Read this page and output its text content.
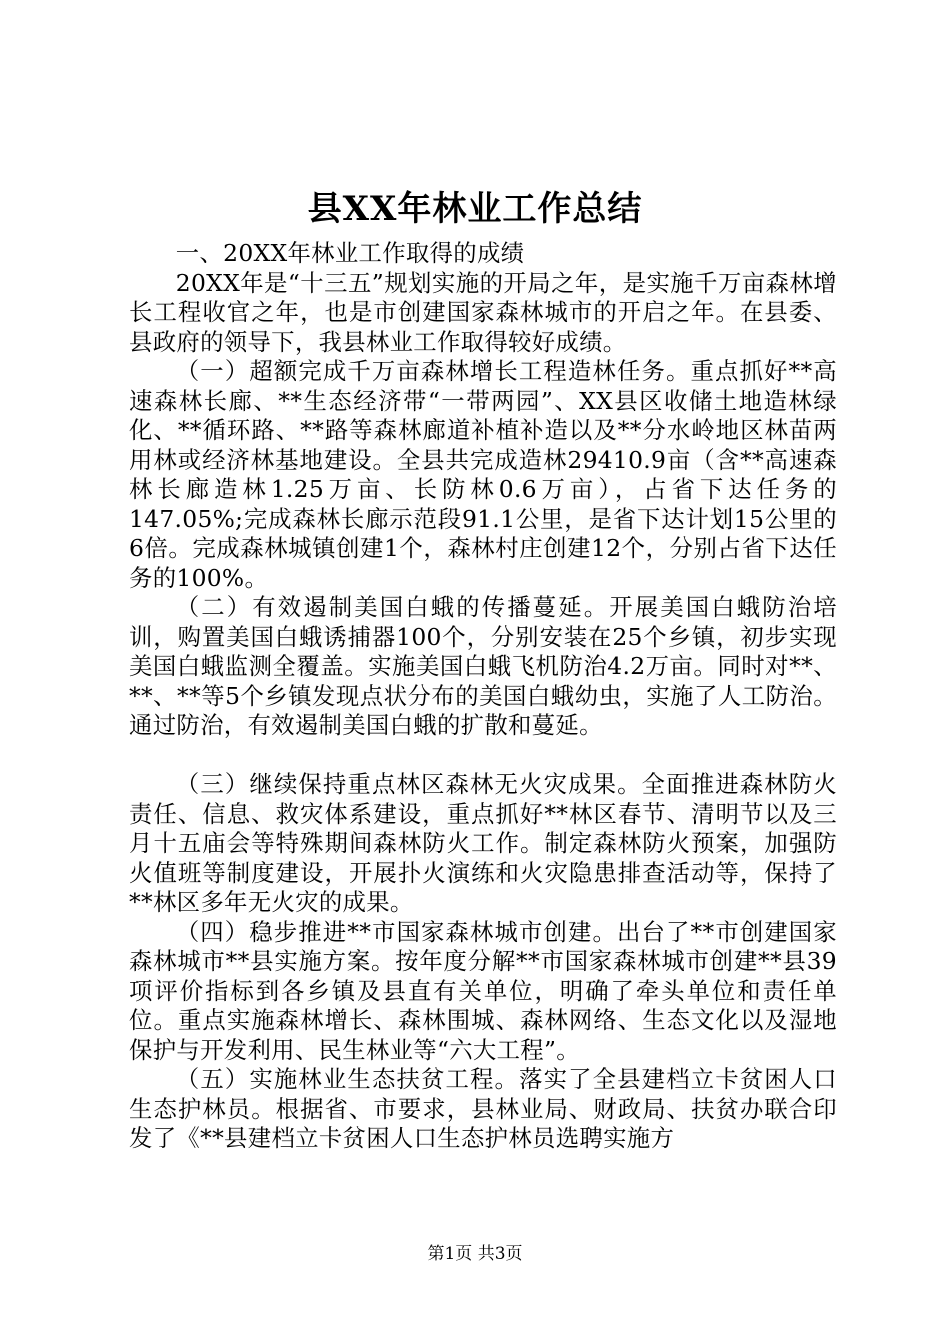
县XX年林业工作总结

一、20XX年林业工作取得的成绩

20XX年是“十三五”规划实施的开局之年，是实施千万亩森林增长工程收官之年，也是市创建国家森林城市的开启之年。在县委、县政府的领导下，我县林业工作取得较好成绩。

（一）超额完成千万亩森林增长工程造林任务。重点抓好**高速森林长廊、**生态经济带“一带两园”、XX县区收储土地造林绿化、**循环路、**路等森林廊道补植补造以及**分水岭地区林苗两用林或经济林基地建设。全县共完成造林29410.9亩（含**高速森林长廊造林1.25万亩、长防林0.6万亩），占省下达任务的147.05%;完成森林长廊示范段91.1公里，是省下达计划15公里的6倍。完成森林城镇创建1个，森林村庄创建12个，分别占省下达任务的100%。

（二）有效遏制美国白蛾的传播蔓延。开展美国白蛾防治培训，购置美国白蛾诱捕器100个，分别安装在25个乡镇，初步实现美国白蛾监测全覆盖。实施美国白蛾飞机防治4.2万亩。同时对**、**、**等5个乡镇发现点状分布的美国白蛾幼虫，实施了人工防治。通过防治，有效遏制美国白蛾的扩散和蔓延。

（三）继续保持重点林区森林无火灾成果。全面推进森林防火责任、信息、救灾体系建设，重点抓好**林区春节、清明节以及三月十五庙会等特殊期间森林防火工作。制定森林防火预案，加强防火值班等制度建设，开展扑火演练和火灾隐患排查活动等，保持了**林区多年无火灾的成果。

（四）稳步推进**市国家森林城市创建。出台了**市创建国家森林城市**县实施方案。按年度分解**市国家森林城市创建**县39项评价指标到各乡镇及县直有关单位，明确了牵头单位和责任单位。重点实施森林增长、森林围城、森林网络、生态文化以及湿地保护与开发利用、民生林业等“六大工程”。

（五）实施林业生态扶贫工程。落实了全县建档立卡贫困人口生态护林员。根据省、市要求，县林业局、财政局、扶贫办联合印发了《**县建档立卡贫困人口生态护林员选聘实施方

第1页 共3页
